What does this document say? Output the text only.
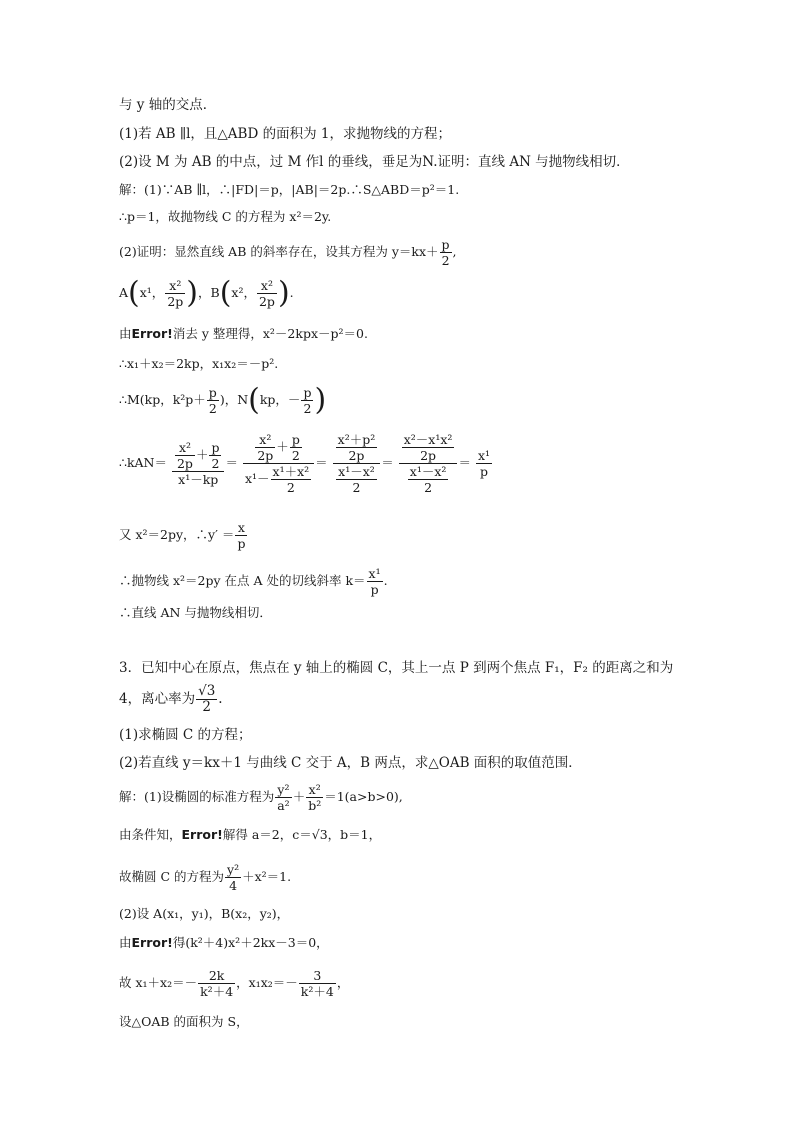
与 y 轴的交点．
(1)若 AB ∥l，且△ABD 的面积为 1，求抛物线的方程；
(2)设 M 为 AB 的中点，过 M 作l 的垂线，垂足为N.证明：直线 AN 与抛物线相切．
解：(1)∵AB ∥l，∴|FD|＝p，|AB|＝2p.∴S△ABD＝p²＝1.
∴p＝1，故抛物线 C 的方程为 x²＝2y.
(2)证明：显然直线 AB 的斜率存在，设其方程为 $y=kx+ \frac{p}{2}$ ,
A(x¹， $\frac{\text{x²}}{2p}$ )，B(x²， $\frac{\text{x²}}{2p}$ ).
由Error!消去 y 整理得，x²－2kpx－p²＝0.
∴x₁＋x₂＝2kp，x₁x₂＝－p².
∴M(kp，$k^2p+ \frac{p}{2}$ )，N(kp，－ $\frac{p}{2}$ )
∴kAN＝ $\frac{\frac{\text{x²}}{2p} + \frac{p}{2}}{\text{x¹－kp}} = \frac{\frac{\text{x²}}{2p} + \frac{p}{2}}{x^1- \frac{\text{x¹＋x²}}{2}} = \frac{\frac{\text{x²＋p²}}{2p}}{\frac{\text{x¹－x²}}{2}} = \frac{\frac{\text{x²－x¹x²}}{2p}}{\frac{\text{x¹－x²}}{2}} = \frac{\text{x¹}}{p}$
又 x²＝2py，∴y′ ＝ $\frac{x}{p}$
∴抛物线 x²＝2py 在点 A 处的切线斜率 $k= \frac{\text{x¹}}{p}$ .
∴直线 AN 与抛物线相切．
3．已知中心在原点，焦点在 y 轴上的椭圆 C，其上一点 P 到两个焦点 F₁，F₂ 的距离之和为
4，离心率为 $\frac{√3}{2}$ .
(1)求椭圆 C 的方程；
(2)若直线 y＝kx＋1 与曲线 C 交于 A，B 两点，求△OAB 面积的取值范围．
解：(1)设椭圆的标准方程为 $\frac{\text{y²}}{\text{a²}} + \frac{\text{x²}}{\text{b²}} =1(a>b>0)$,
由条件知，Error!解得 a＝2，c＝√3，b＝1，
故椭圆 C 的方程为 $\frac{\text{y²}}{4} +x^2=1$.
(2)设 A(x₁，y₁)，B(x₂，y₂)，
由Error!得(k²＋4)x²＋2kx－3＝0，
故 $x_1+x_2=- \frac{2k}{\text{k²＋4}}$ ，$x_1x_2=- \frac{3}{\text{k²＋4}}$ ，
设△OAB 的面积为 S，
